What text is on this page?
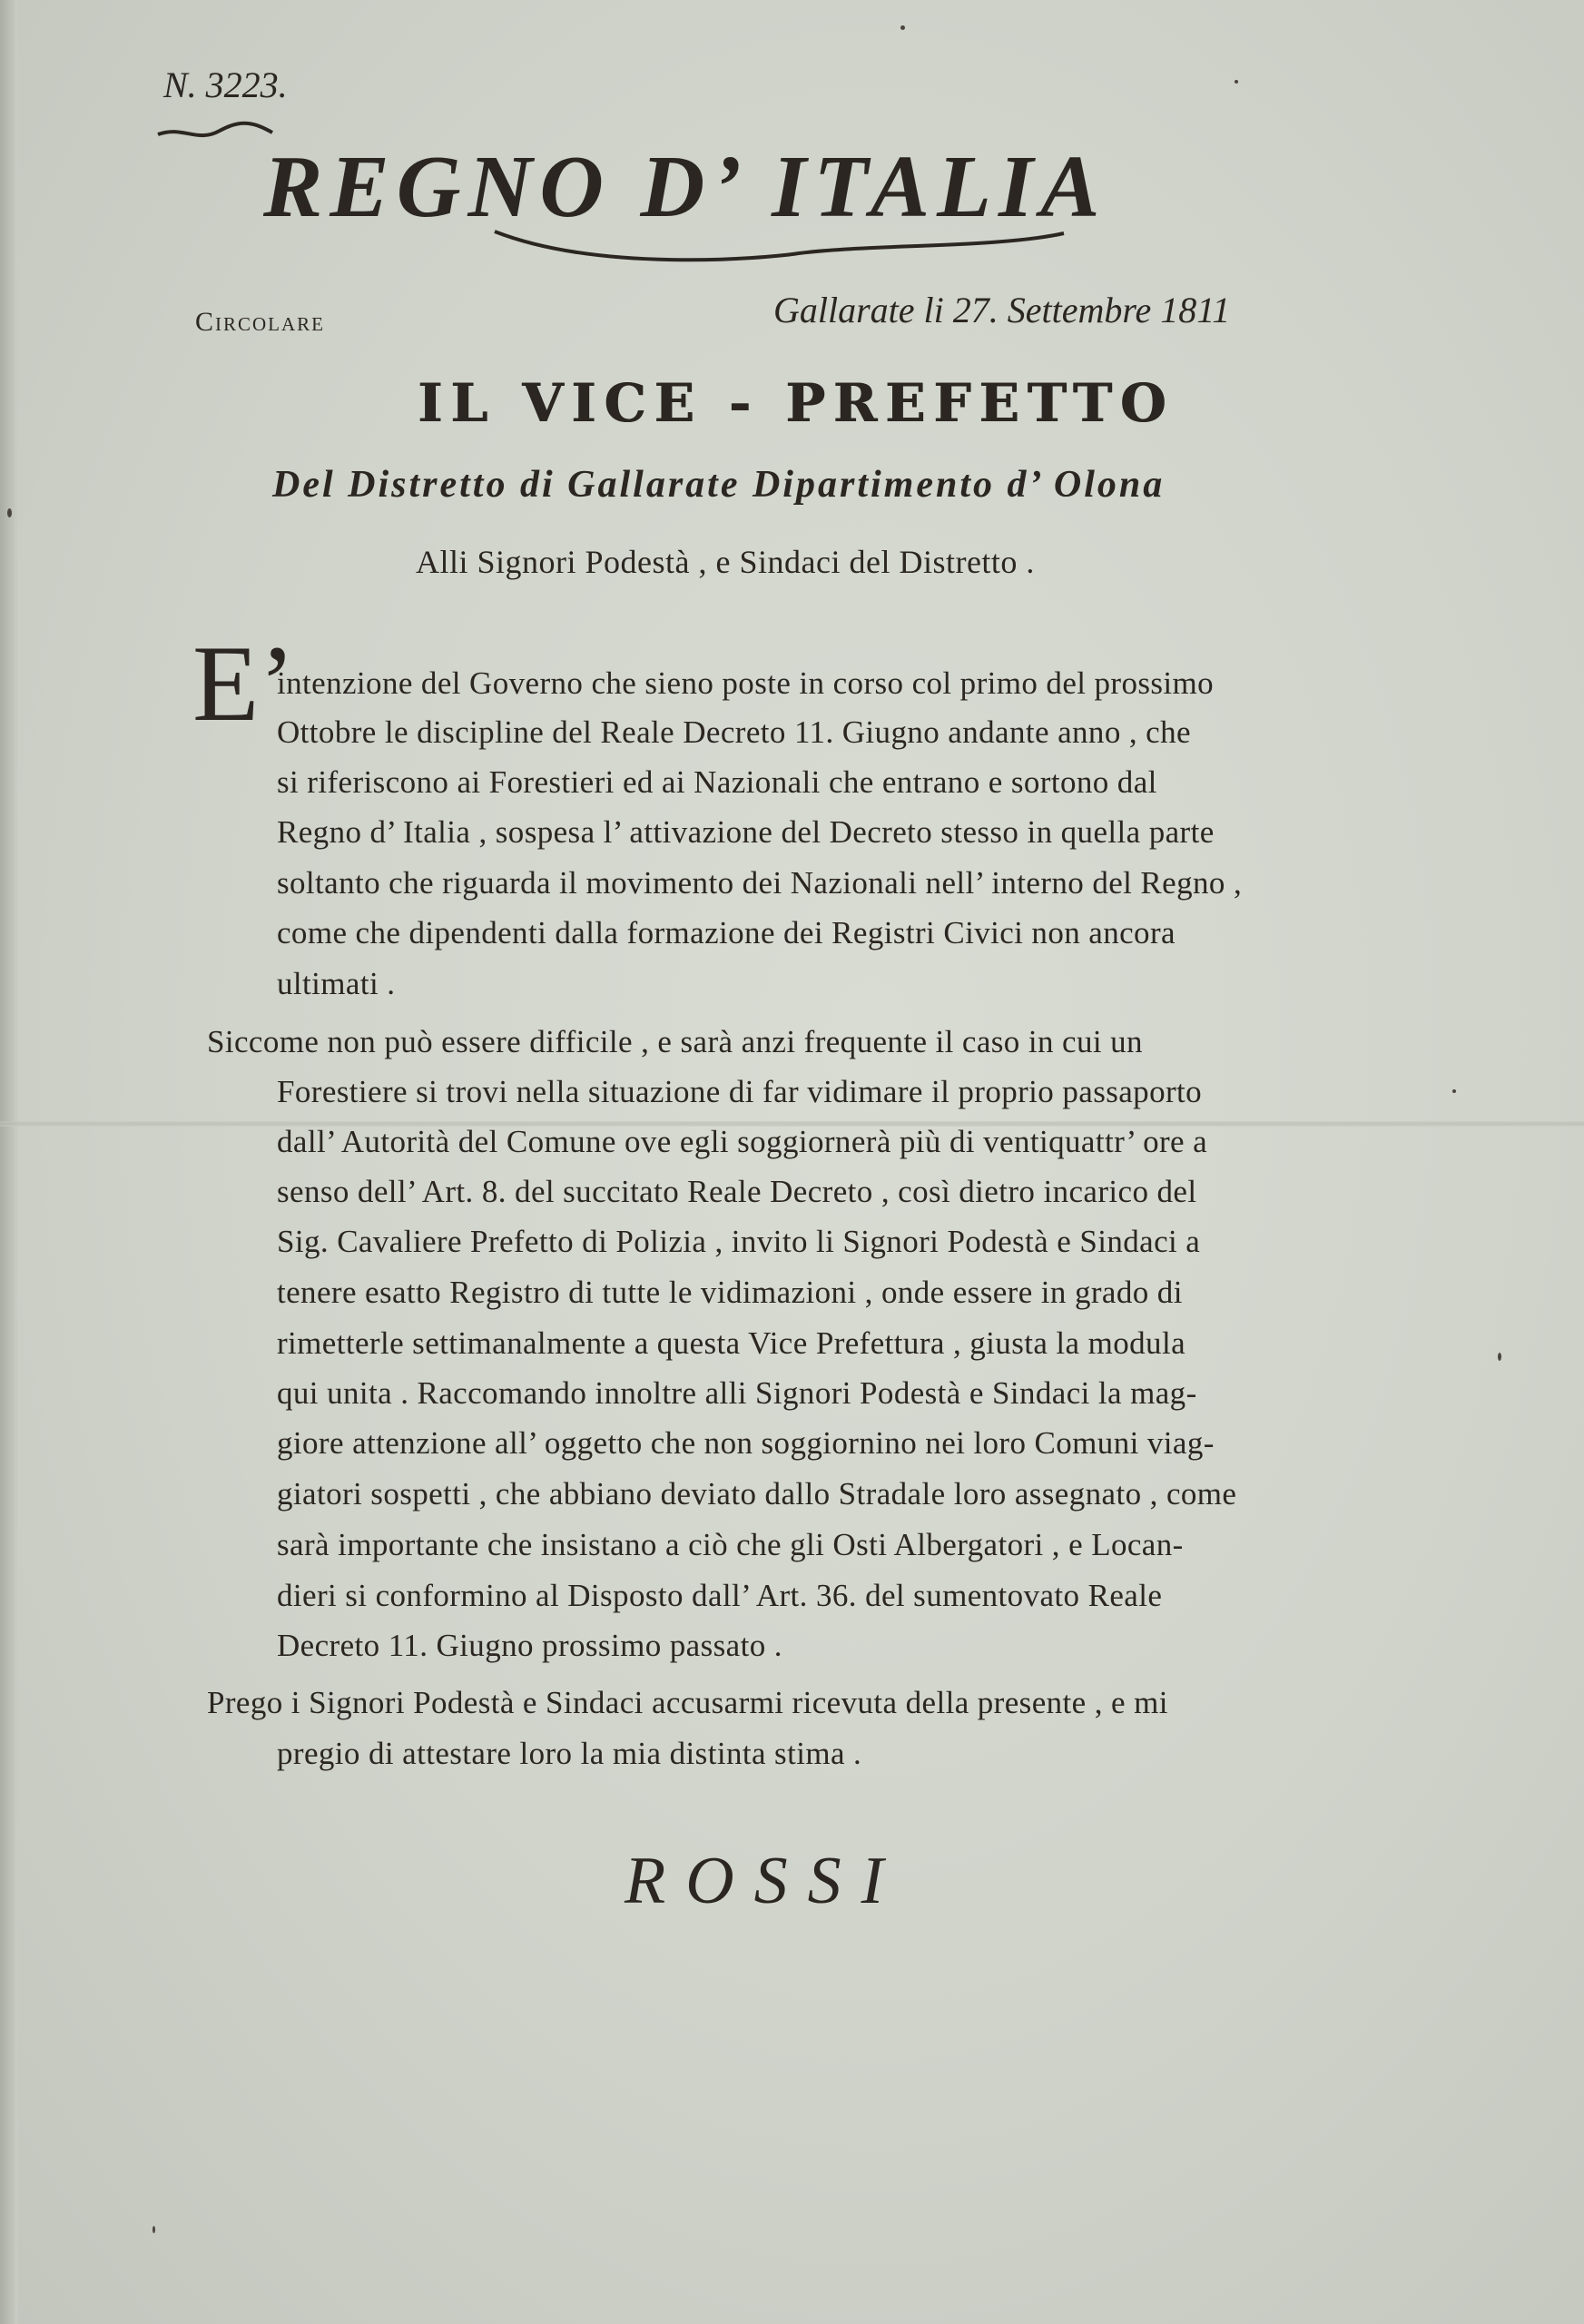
N. 3223.

REGNO D’ ITALIA

Circolare	Gallarate li 27. Settembre 1811

IL VICE - PREFETTO

Del Distretto di Gallarate Dipartimento d’ Olona

Alli Signori Podestà , e Sindaci del Distretto .

E’

intenzione del Governo che sieno poste in corso col primo del prossimo

Ottobre le discipline del Reale Decreto 11. Giugno andante anno , che

si riferiscono ai Forestieri ed ai Nazionali che entrano e sortono dal

Regno d’ Italia , sospesa l’ attivazione del Decreto stesso in quella parte

soltanto che riguarda il movimento dei Nazionali nell’ interno del Regno ,

come che dipendenti dalla formazione dei Registri Civici non ancora

ultimati .

Siccome non può essere difficile , e sarà anzi frequente il caso in cui un

Forestiere si trovi nella situazione di far vidimare il proprio passaporto

dall’ Autorità del Comune ove egli soggiornerà più di ventiquattr’ ore a

senso dell’ Art. 8. del succitato Reale Decreto , così dietro incarico del

Sig. Cavaliere Prefetto di Polizia , invito li Signori Podestà e Sindaci a

tenere esatto Registro di tutte le vidimazioni , onde essere in grado di

rimetterle settimanalmente a questa Vice Prefettura , giusta la modula

qui unita . Raccomando innoltre alli Signori Podestà e Sindaci la mag-

giore attenzione all’ oggetto che non soggiornino nei loro Comuni viag-

giatori sospetti , che abbiano deviato dallo Stradale loro assegnato , come

sarà importante che insistano a ciò che gli Osti Albergatori , e Locan-

dieri si conformino al Disposto dall’ Art. 36. del sumentovato Reale

Decreto 11. Giugno prossimo passato .

Prego i Signori Podestà e Sindaci accusarmi ricevuta della presente , e mi

pregio di attestare loro la mia distinta stima .

ROSSI
